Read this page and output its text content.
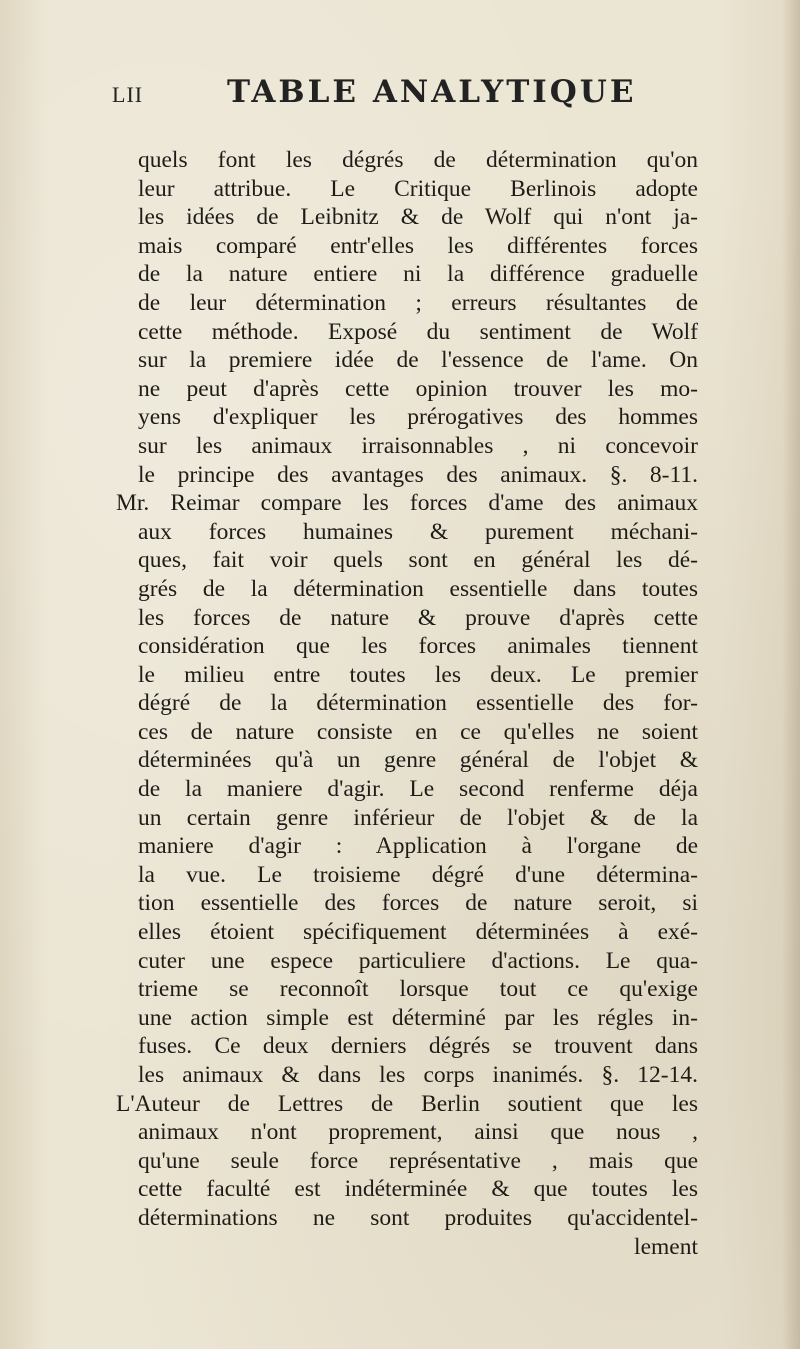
LII	TABLE ANALYTIQUE
quels font les dégrés de détermination qu'on
leur attribue. Le Critique Berlinois adopte
les idées de Leibnitz & de Wolf qui n'ont ja-
mais comparé entr'elles les différentes forces
de la nature entiere ni la différence graduelle
de leur détermination ; erreurs résultantes de
cette méthode. Exposé du sentiment de Wolf
sur la premiere idée de l'essence de l'ame. On
ne peut d'après cette opinion trouver les mo-
yens d'expliquer les prérogatives des hommes
sur les animaux irraisonnables , ni concevoir
le principe des avantages des animaux. §. 8-11.
Mr. Reimar compare les forces d'ame des animaux
aux forces humaines & purement méchani-
ques, fait voir quels sont en général les dé-
grés de la détermination essentielle dans toutes
les forces de nature & prouve d'après cette
considération que les forces animales tiennent
le milieu entre toutes les deux. Le premier
dégré de la détermination essentielle des for-
ces de nature consiste en ce qu'elles ne soient
déterminées qu'à un genre général de l'objet &
de la maniere d'agir. Le second renferme déja
un certain genre inférieur de l'objet & de la
maniere d'agir : Application à l'organe de
la vue. Le troisieme dégré d'une détermina-
tion essentielle des forces de nature seroit, si
elles étoient spécifiquement déterminées à exé-
cuter une espece particuliere d'actions. Le qua-
trieme se reconnoît lorsque tout ce qu'exige
une action simple est déterminé par les régles in-
fuses. Ce deux derniers dégrés se trouvent dans
les animaux & dans les corps inanimés. §. 12-14.
L'Auteur de Lettres de Berlin soutient que les
animaux n'ont proprement, ainsi que nous ,
qu'une seule force représentative , mais que
cette faculté est indéterminée & que toutes les
déterminations ne sont produites qu'accidentel-
lement
